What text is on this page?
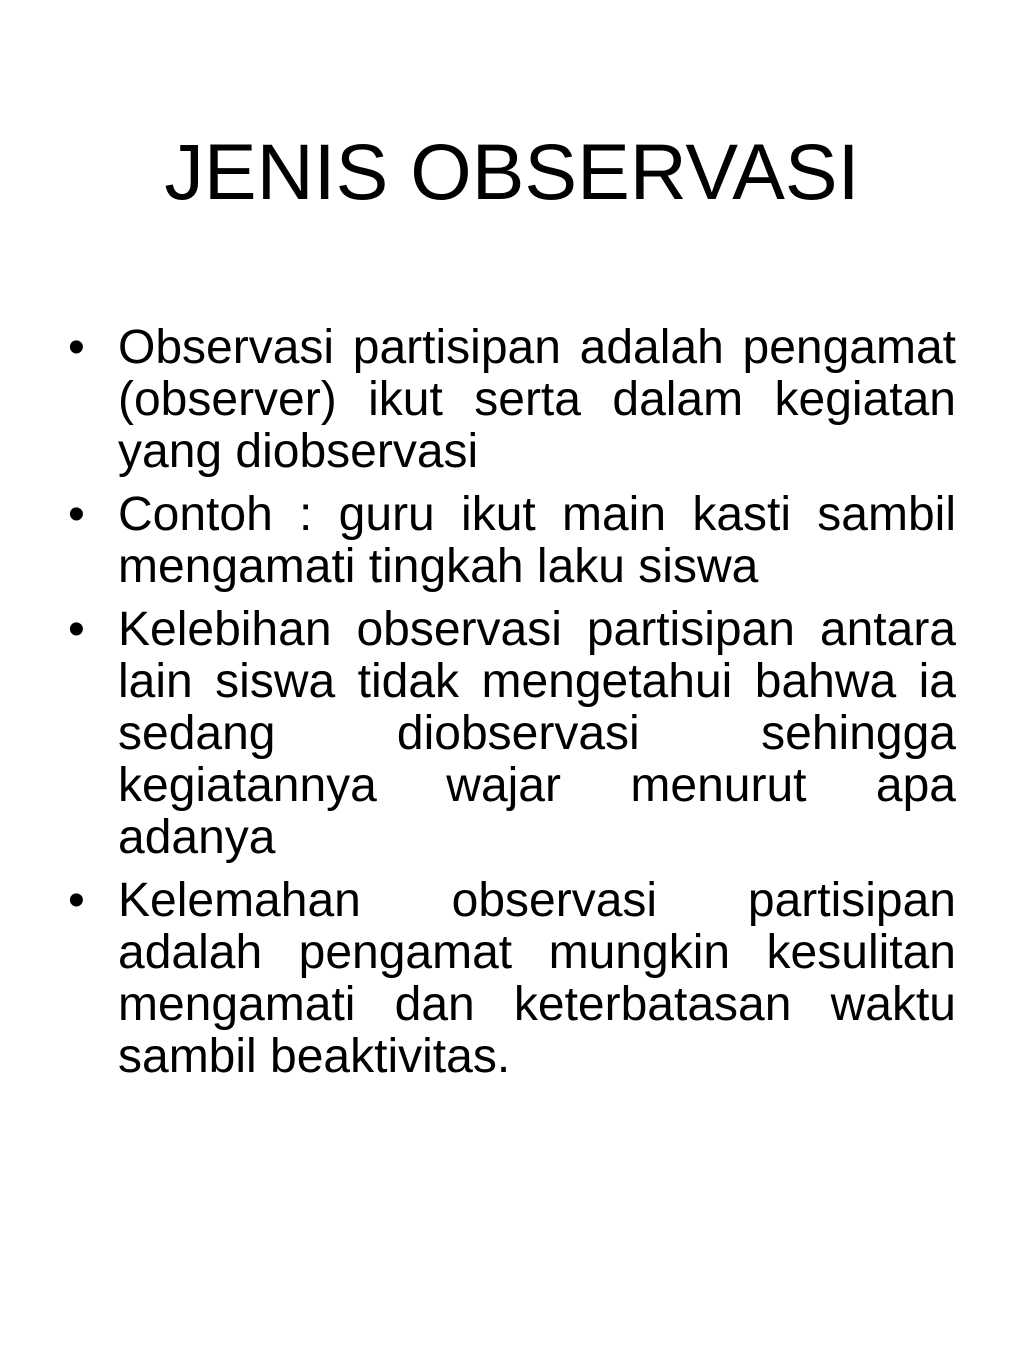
JENIS OBSERVASI
• Observasi partisipan adalah pengamat (observer) ikut serta dalam kegiatan yang diobservasi
• Contoh : guru ikut main kasti sambil mengamati tingkah laku siswa
• Kelebihan observasi partisipan antara lain siswa tidak mengetahui bahwa ia sedang diobservasi sehingga kegiatannya wajar menurut apa adanya
• Kelemahan observasi partisipan adalah pengamat mungkin kesulitan mengamati dan keterbatasan waktu sambil beaktivitas.
